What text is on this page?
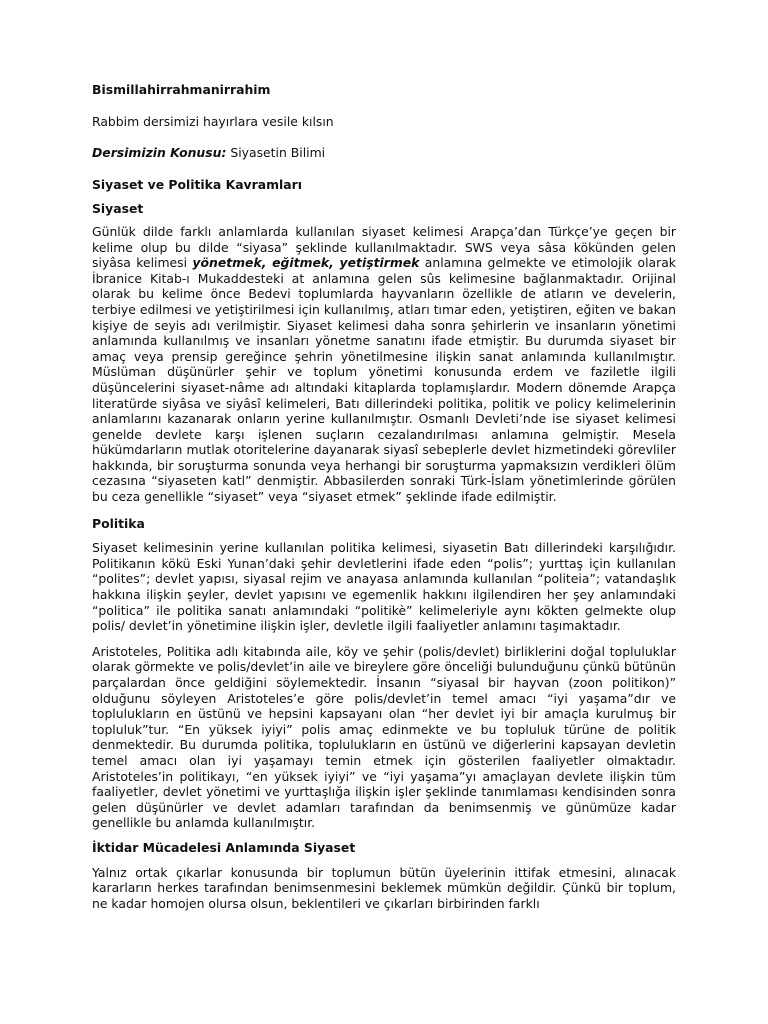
Bismillahirrahmanirrahim

Rabbim dersimizi hayırlara vesile kılsın

Dersimizin Konusu: Siyasetin Bilimi

Siyaset ve Politika Kavramları

Siyaset

Günlük dilde farklı anlamlarda kullanılan siyaset kelimesi Arapça’dan Türkçe’ye geçen bir kelime olup bu dilde “siyasa” şeklinde kullanılmaktadır. SWS veya sâsa kökünden gelen siyâsa kelimesi yönetmek, eğitmek, yetiştirmek anlamına gelmekte ve etimolojik olarak İbranice Kitab-ı Mukaddesteki at anlamına gelen sûs kelimesine bağlanmaktadır. Orijinal olarak bu kelime önce Bedevi toplumlarda hayvanların özellikle de atların ve develerin, terbiye edilmesi ve yetiştirilmesi için kullanılmış, atları tımar eden, yetiştiren, eğiten ve bakan kişiye de seyis adı verilmiştir. Siyaset kelimesi daha sonra şehirlerin ve insanların yönetimi anlamında kullanılmış ve insanları yönetme sanatını ifade etmiştir. Bu durumda siyaset bir amaç veya prensip gereğince şehrin yönetilmesine ilişkin sanat anlamında kullanılmıştır. Müslüman düşünürler şehir ve toplum yönetimi konusunda erdem ve faziletle ilgili düşüncelerini siyaset-nâme adı altındaki kitaplarda toplamışlardır. Modern dönemde Arapça literatürde siyâsa ve siyâsî kelimeleri, Batı dillerindeki politika, politik ve policy kelimelerinin anlamlarını kazanarak onların yerine kullanılmıştır. Osmanlı Devleti’nde ise siyaset kelimesi genelde devlete karşı işlenen suçların cezalandırılması anlamına gelmiştir. Mesela hükümdarların mutlak otoritelerine dayanarak siyasî sebeplerle devlet hizmetindeki görevliler hakkında, bir soruşturma sonunda veya herhangi bir soruşturma yapmaksızın verdikleri ölüm cezasına “siyaseten katl” denmiştir. Abbasilerden sonraki Türk-İslam yönetimlerinde görülen bu ceza genellikle “siyaset” veya “siyaset etmek” şeklinde ifade edilmiştir.

Politika

Siyaset kelimesinin yerine kullanılan politika kelimesi, siyasetin Batı dillerindeki karşılığıdır. Politikanın kökü Eski Yunan’daki şehir devletlerini ifade eden “polis”; yurttaş için kullanılan “polites”; devlet yapısı, siyasal rejim ve anayasa anlamında kullanılan “politeia”; vatandaşlık hakkına ilişkin şeyler, devlet yapısını ve egemenlik hakkını ilgilendiren her şey anlamındaki “politica” ile politika sanatı anlamındaki “politikè” kelimeleriyle aynı kökten gelmekte olup polis/ devlet’in yönetimine ilişkin işler, devletle ilgili faaliyetler anlamını taşımaktadır.

Aristoteles, Politika adlı kitabında aile, köy ve şehir (polis/devlet) birliklerini doğal topluluklar olarak görmekte ve polis/devlet’in aile ve bireylere göre önceliği bulunduğunu çünkü bütünün parçalardan önce geldiğini söylemektedir. İnsanın “siyasal bir hayvan (zoon politikon)” olduğunu söyleyen Aristoteles’e göre polis/devlet’in temel amacı “iyi yaşama”dır ve toplulukların en üstünü ve hepsini kapsayanı olan “her devlet iyi bir amaçla kurulmuş bir topluluk”tur. “En yüksek iyiyi” polis amaç edinmekte ve bu topluluk türüne de politik denmektedir. Bu durumda politika, toplulukların en üstünü ve diğerlerini kapsayan devletin temel amacı olan iyi yaşamayı temin etmek için gösterilen faaliyetler olmaktadır. Aristoteles’in politikayı, “en yüksek iyiyi” ve “iyi yaşama”yı amaçlayan devlete ilişkin tüm faaliyetler, devlet yönetimi ve yurttaşlığa ilişkin işler şeklinde tanımlaması kendisinden sonra gelen düşünürler ve devlet adamları tarafından da benimsenmiş ve günümüze kadar genellikle bu anlamda kullanılmıştır.

İktidar Mücadelesi Anlamında Siyaset

Yalnız ortak çıkarlar konusunda bir toplumun bütün üyelerinin ittifak etmesini, alınacak kararların herkes tarafından benimsenmesini beklemek mümkün değildir. Çünkü bir toplum, ne kadar homojen olursa olsun, beklentileri ve çıkarları birbirinden farklı
